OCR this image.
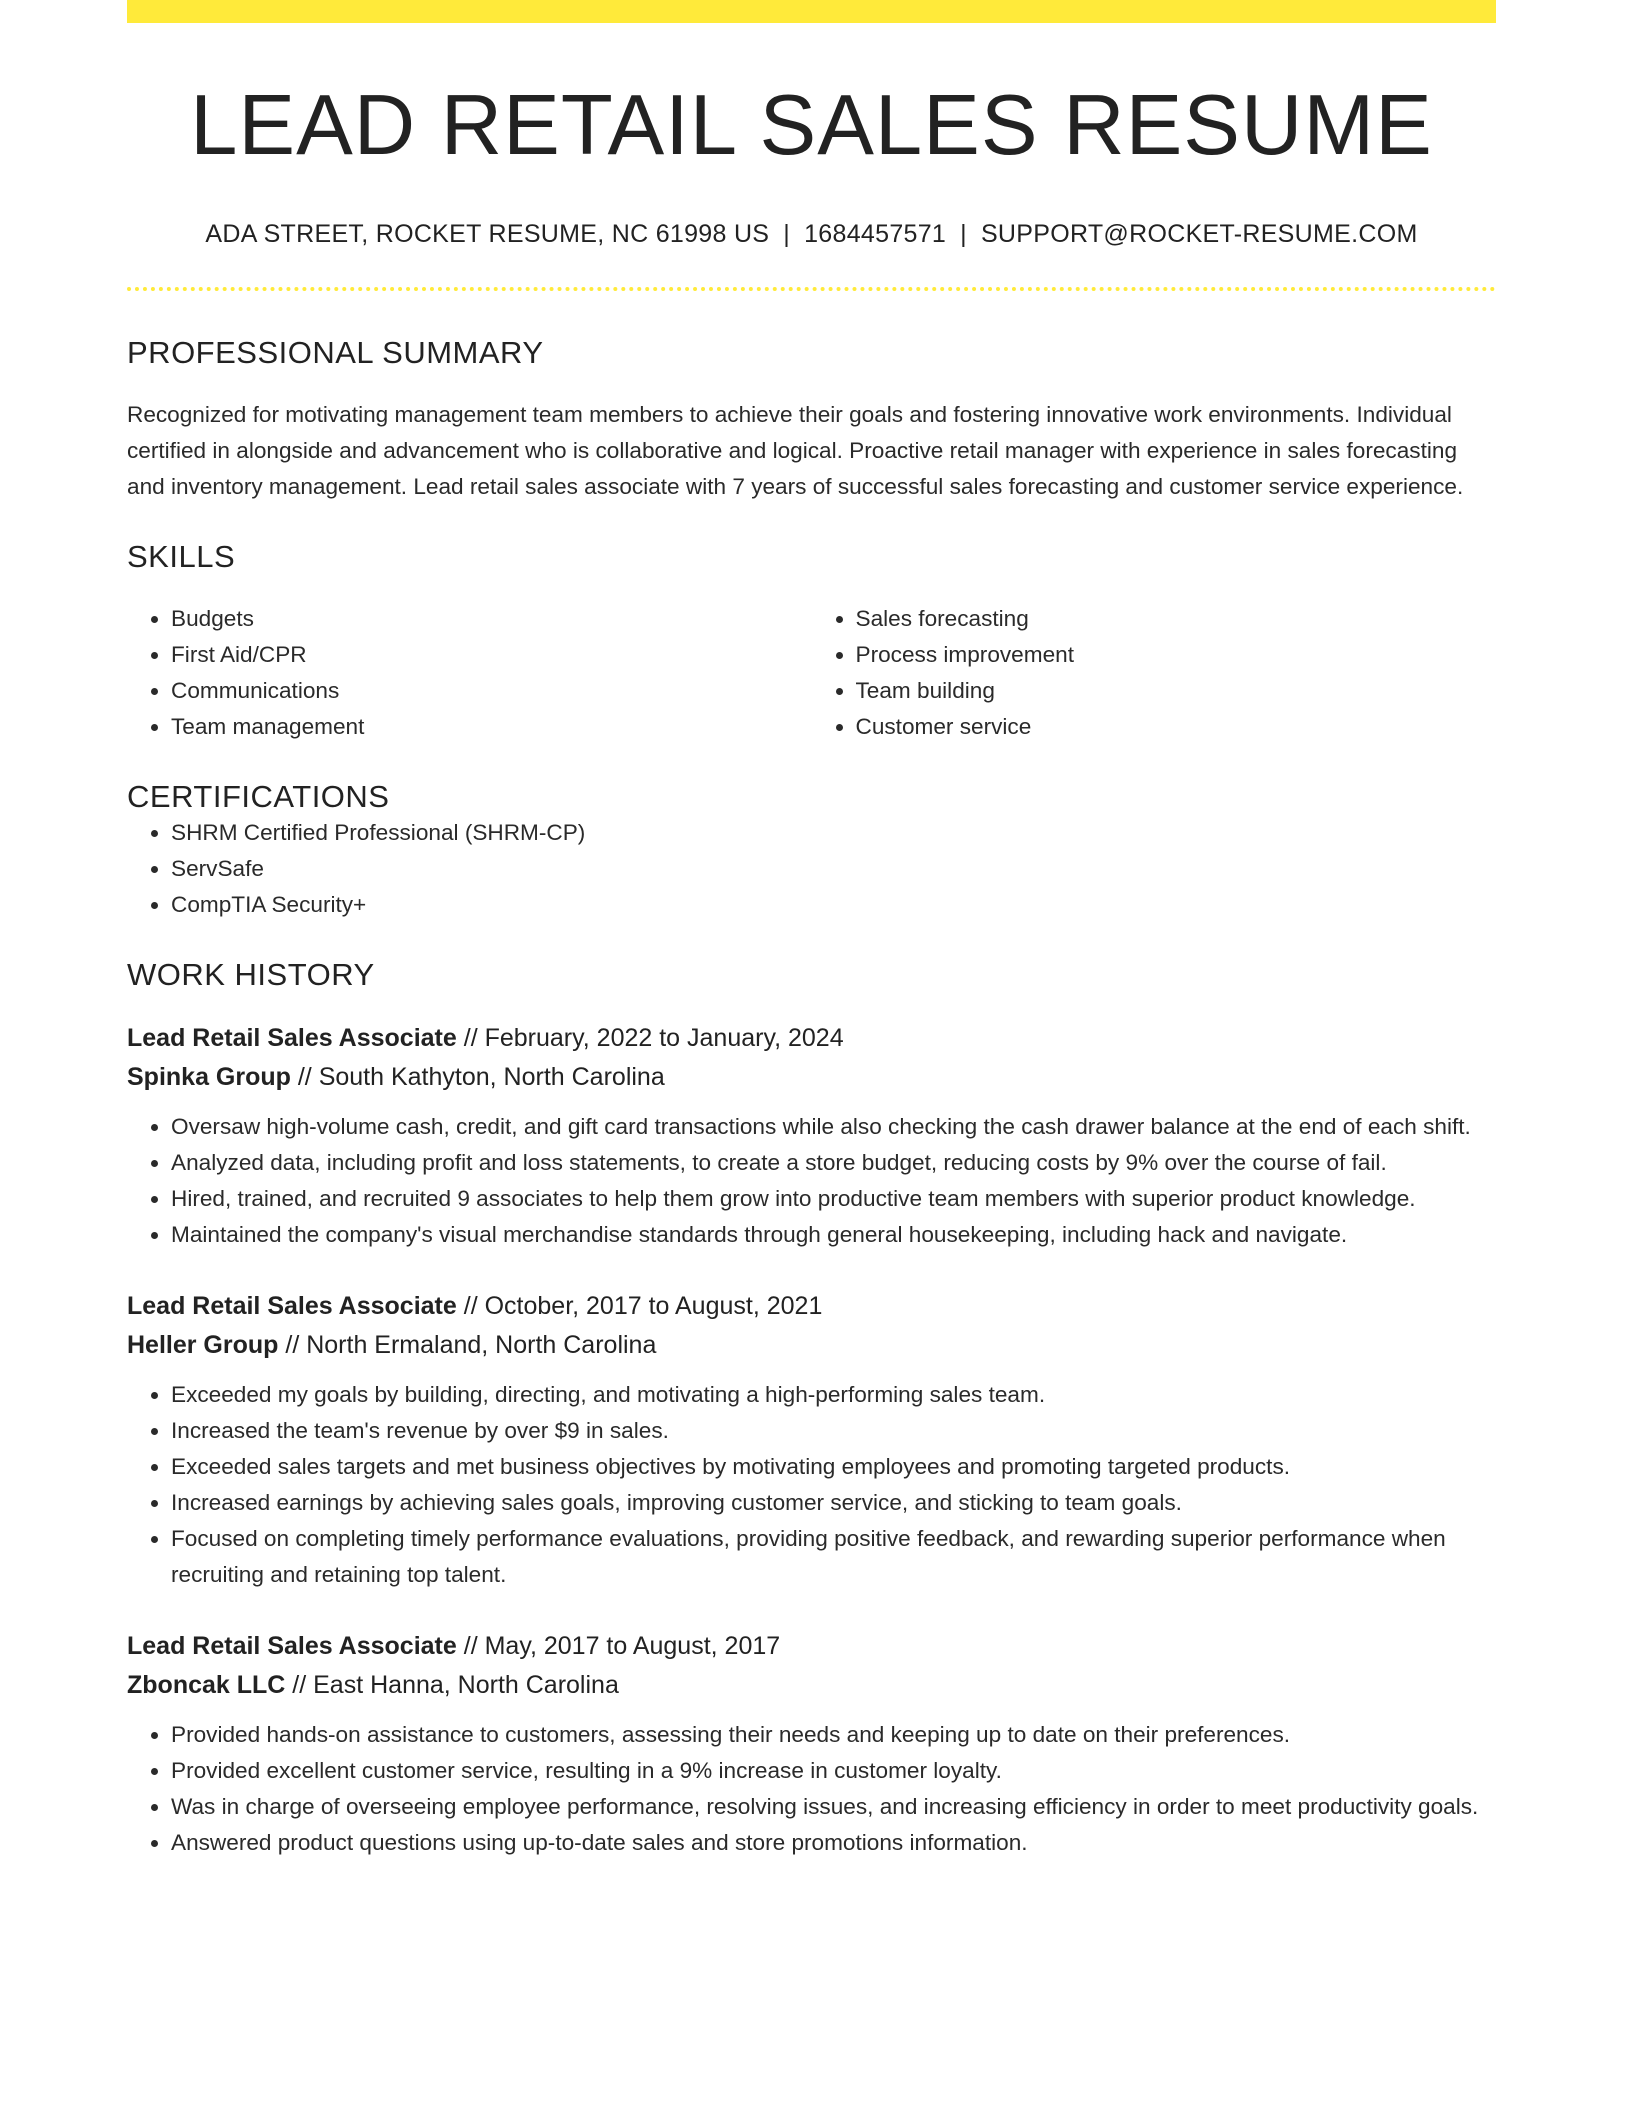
LEAD RETAIL SALES RESUME
ADA STREET, ROCKET RESUME, NC 61998 US | 1684457571 | SUPPORT@ROCKET-RESUME.COM
PROFESSIONAL SUMMARY
Recognized for motivating management team members to achieve their goals and fostering innovative work environments. Individual certified in alongside and advancement who is collaborative and logical. Proactive retail manager with experience in sales forecasting and inventory management. Lead retail sales associate with 7 years of successful sales forecasting and customer service experience.
SKILLS
• Budgets
• First Aid/CPR
• Communications
• Team management
• Sales forecasting
• Process improvement
• Team building
• Customer service
CERTIFICATIONS
• SHRM Certified Professional (SHRM-CP)
• ServSafe
• CompTIA Security+
WORK HISTORY
Lead Retail Sales Associate // February, 2022 to January, 2024
Spinka Group // South Kathyton, North Carolina
• Oversaw high-volume cash, credit, and gift card transactions while also checking the cash drawer balance at the end of each shift.
• Analyzed data, including profit and loss statements, to create a store budget, reducing costs by 9% over the course of fail.
• Hired, trained, and recruited 9 associates to help them grow into productive team members with superior product knowledge.
• Maintained the company's visual merchandise standards through general housekeeping, including hack and navigate.
Lead Retail Sales Associate // October, 2017 to August, 2021
Heller Group // North Ermaland, North Carolina
• Exceeded my goals by building, directing, and motivating a high-performing sales team.
• Increased the team's revenue by over $9 in sales.
• Exceeded sales targets and met business objectives by motivating employees and promoting targeted products.
• Increased earnings by achieving sales goals, improving customer service, and sticking to team goals.
• Focused on completing timely performance evaluations, providing positive feedback, and rewarding superior performance when recruiting and retaining top talent.
Lead Retail Sales Associate // May, 2017 to August, 2017
Zboncak LLC // East Hanna, North Carolina
• Provided hands-on assistance to customers, assessing their needs and keeping up to date on their preferences.
• Provided excellent customer service, resulting in a 9% increase in customer loyalty.
• Was in charge of overseeing employee performance, resolving issues, and increasing efficiency in order to meet productivity goals.
• Answered product questions using up-to-date sales and store promotions information.
